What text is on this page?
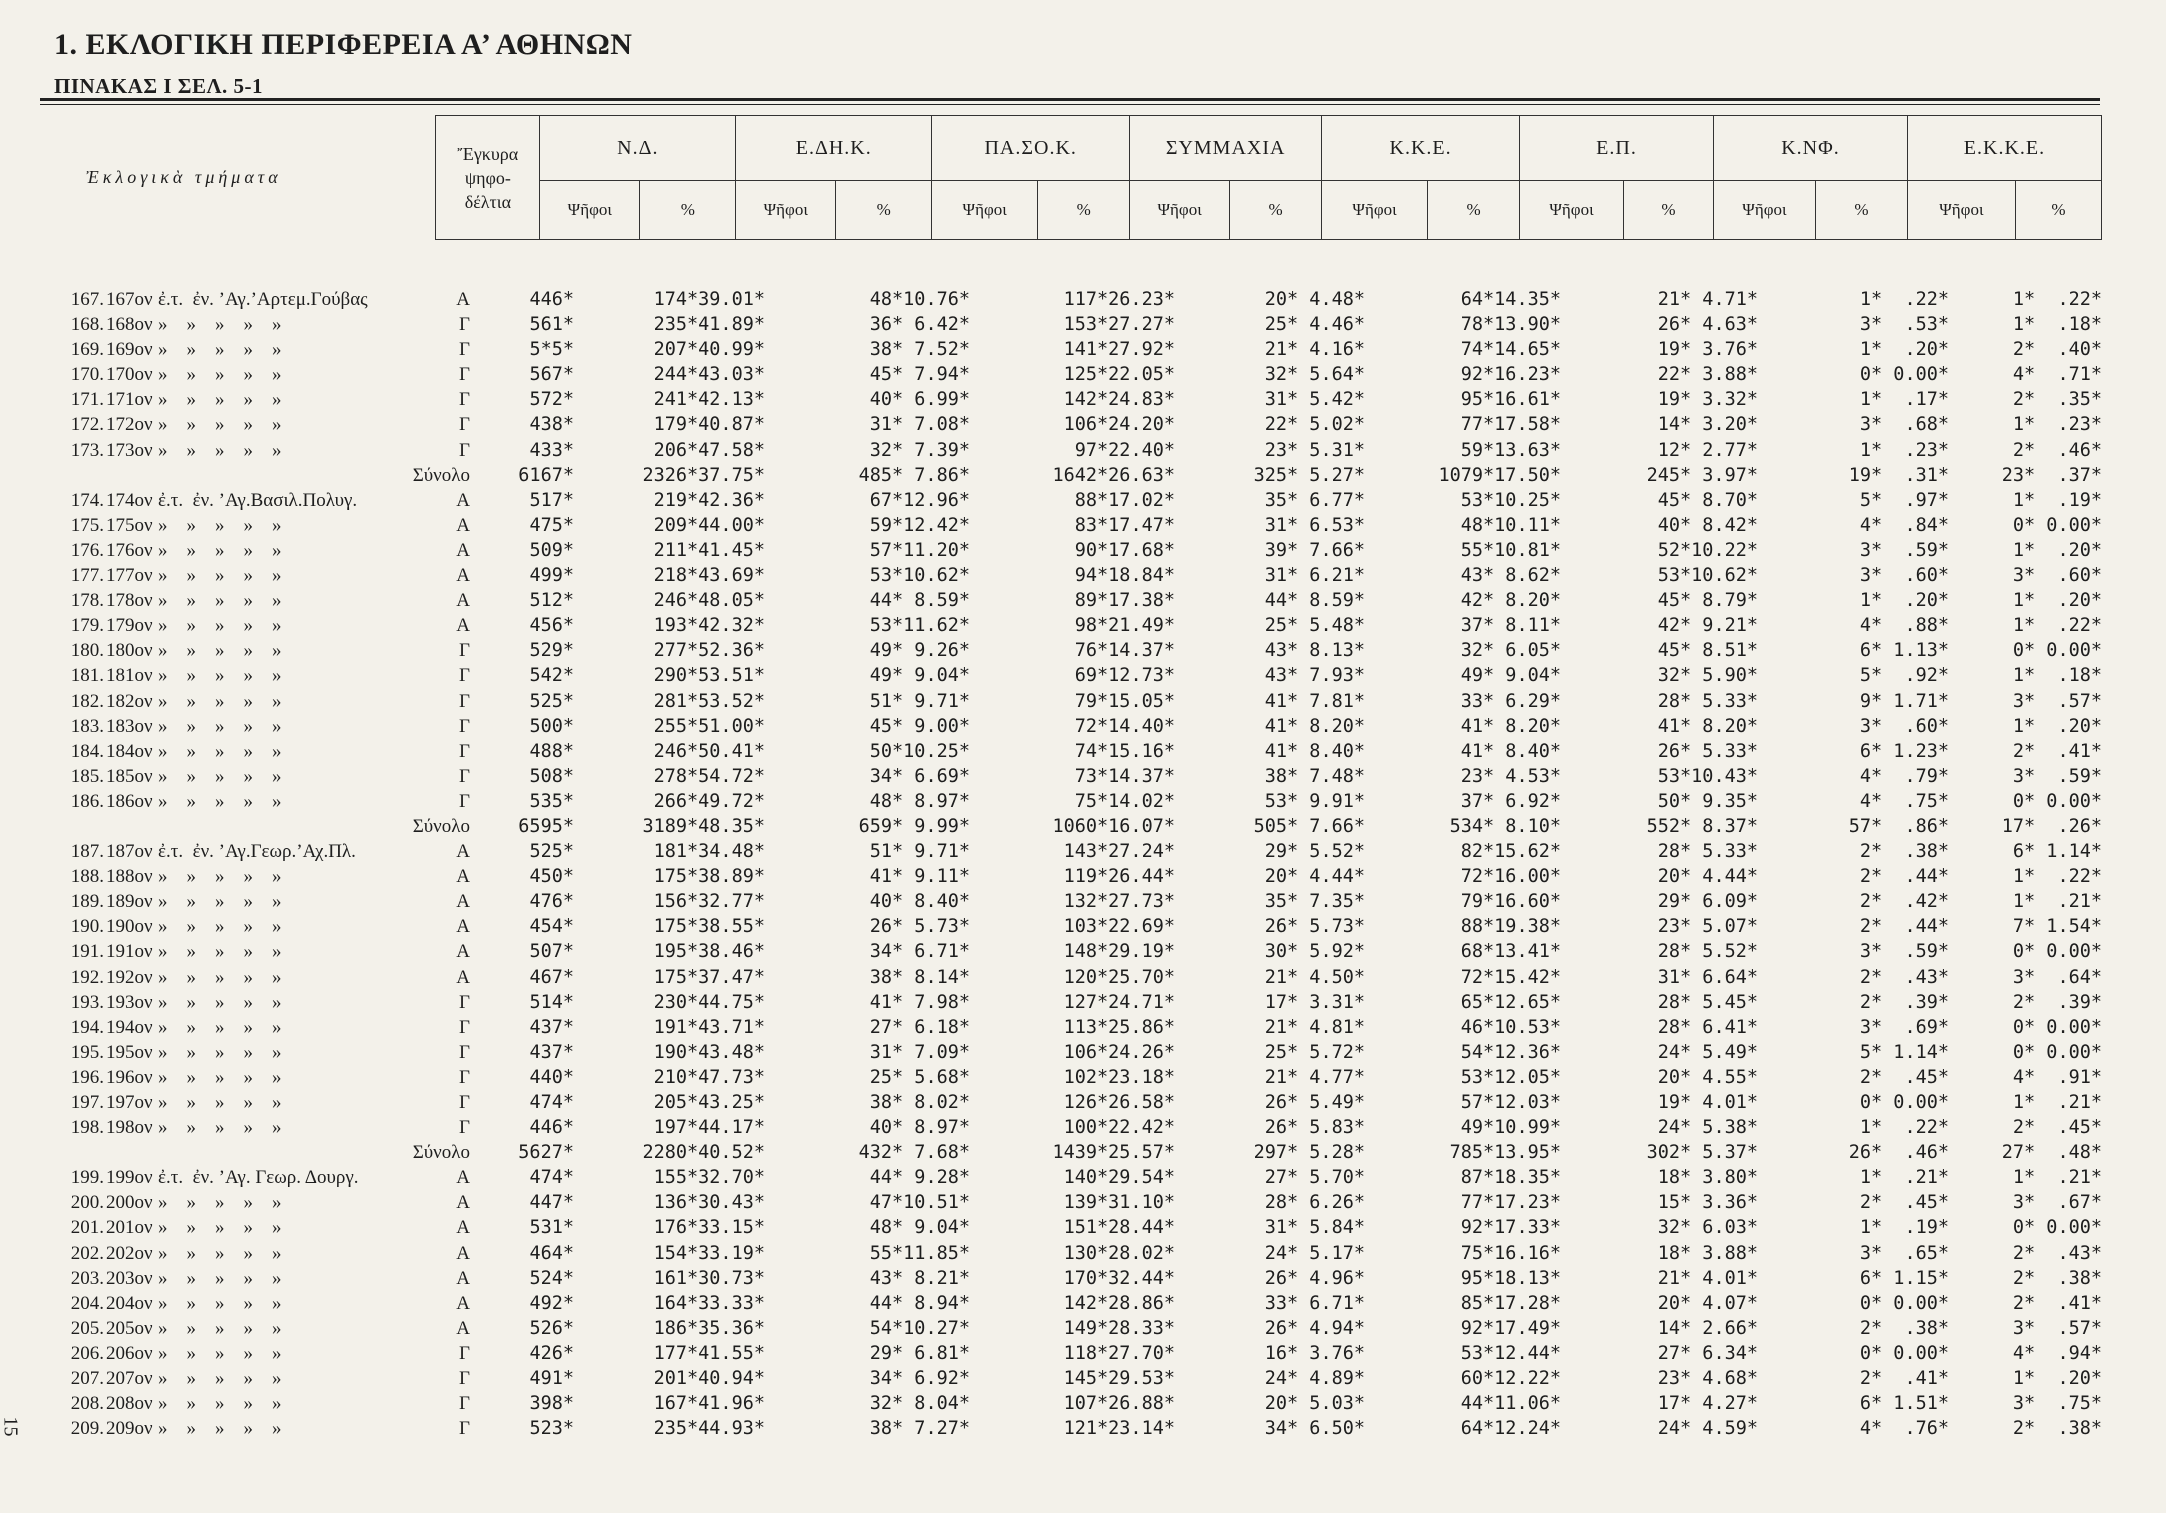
1. ΕΚΛΟΓΙΚΗ ΠΕΡΙΦΕΡΕΙΑ Α’ ΑΘΗΝΩΝ
ΠΙΝΑΚΑΣ Ι ΣΕΛ. 5-1
Ἐκλογικὰ τμήματα	Ἔγκυρα
ψηφο-
δέλτια	Ν.Δ.		Ε.ΔΗ.Κ.		ΠΑ.ΣΟ.Κ.		ΣΥΜΜΑΧΙΑ		Κ.Κ.Ε.		Ε.Π.		Κ.ΝΦ.		Ε.Κ.Κ.Ε.	
		Ψῆφοι	%	Ψῆφοι	%	Ψῆφοι	%	Ψῆφοι	%	Ψῆφοι	%	Ψῆφοι	%	Ψῆφοι	%	Ψῆφοι	%
167. 167ον ἐ.τ.  ἐν. ’Αγ.’Αρτεμ.Γούβας	Α	446*	174*39.01*	48*10.76*	117*26.23*	20* 4.48*	64*14.35*	21* 4.71*	1*  .22*	1*  .22*
168. 168ον »    »    »    »    »	Γ	561*	235*41.89*	36* 6.42*	153*27.27*	25* 4.46*	78*13.90*	26* 4.63*	3*  .53*	1*  .18*
169. 169ον »    »    »    »    »	Γ	5*5*	207*40.99*	38* 7.52*	141*27.92*	21* 4.16*	74*14.65*	19* 3.76*	1*  .20*	2*  .40*
170. 170ον »    »    »    »    »	Γ	567*	244*43.03*	45* 7.94*	125*22.05*	32* 5.64*	92*16.23*	22* 3.88*	0* 0.00*	4*  .71*
171. 171ον »    »    »    »    »	Γ	572*	241*42.13*	40* 6.99*	142*24.83*	31* 5.42*	95*16.61*	19* 3.32*	1*  .17*	2*  .35*
172. 172ον »    »    »    »    »	Γ	438*	179*40.87*	31* 7.08*	106*24.20*	22* 5.02*	77*17.58*	14* 3.20*	3*  .68*	1*  .23*
173. 173ον »    »    »    »    »	Γ	433*	206*47.58*	32* 7.39*	97*22.40*	23* 5.31*	59*13.63*	12* 2.77*	1*  .23*	2*  .46*
Σύνολο	6167*	2326*37.75*	485* 7.86*	1642*26.63*	325* 5.27*	1079*17.50*	245* 3.97*	19*  .31*	23*  .37*
174. 174ον ἐ.τ.  ἐν. ’Αγ.Βασιλ.Πολυγ.	Α	517*	219*42.36*	67*12.96*	88*17.02*	35* 6.77*	53*10.25*	45* 8.70*	5*  .97*	1*  .19*
175. 175ον »    »    »    »    »	Α	475*	209*44.00*	59*12.42*	83*17.47*	31* 6.53*	48*10.11*	40* 8.42*	4*  .84*	0* 0.00*
176. 176ον »    »    »    »    »	Α	509*	211*41.45*	57*11.20*	90*17.68*	39* 7.66*	55*10.81*	52*10.22*	3*  .59*	1*  .20*
177. 177ον »    »    »    »    »	Α	499*	218*43.69*	53*10.62*	94*18.84*	31* 6.21*	43* 8.62*	53*10.62*	3*  .60*	3*  .60*
178. 178ον »    »    »    »    »	Α	512*	246*48.05*	44* 8.59*	89*17.38*	44* 8.59*	42* 8.20*	45* 8.79*	1*  .20*	1*  .20*
179. 179ον »    »    »    »    »	Α	456*	193*42.32*	53*11.62*	98*21.49*	25* 5.48*	37* 8.11*	42* 9.21*	4*  .88*	1*  .22*
180. 180ον »    »    »    »    »	Γ	529*	277*52.36*	49* 9.26*	76*14.37*	43* 8.13*	32* 6.05*	45* 8.51*	6* 1.13*	0* 0.00*
181. 181ον »    »    »    »    »	Γ	542*	290*53.51*	49* 9.04*	69*12.73*	43* 7.93*	49* 9.04*	32* 5.90*	5*  .92*	1*  .18*
182. 182ον »    »    »    »    »	Γ	525*	281*53.52*	51* 9.71*	79*15.05*	41* 7.81*	33* 6.29*	28* 5.33*	9* 1.71*	3*  .57*
183. 183ον »    »    »    »    »	Γ	500*	255*51.00*	45* 9.00*	72*14.40*	41* 8.20*	41* 8.20*	41* 8.20*	3*  .60*	1*  .20*
184. 184ον »    »    »    »    »	Γ	488*	246*50.41*	50*10.25*	74*15.16*	41* 8.40*	41* 8.40*	26* 5.33*	6* 1.23*	2*  .41*
185. 185ον »    »    »    »    »	Γ	508*	278*54.72*	34* 6.69*	73*14.37*	38* 7.48*	23* 4.53*	53*10.43*	4*  .79*	3*  .59*
186. 186ον »    »    »    »    »	Γ	535*	266*49.72*	48* 8.97*	75*14.02*	53* 9.91*	37* 6.92*	50* 9.35*	4*  .75*	0* 0.00*
Σύνολο	6595*	3189*48.35*	659* 9.99*	1060*16.07*	505* 7.66*	534* 8.10*	552* 8.37*	57*  .86*	17*  .26*
187. 187ον ἐ.τ.  ἐν. ’Αγ.Γεωρ.’Αχ.Πλ.	Α	525*	181*34.48*	51* 9.71*	143*27.24*	29* 5.52*	82*15.62*	28* 5.33*	2*  .38*	6* 1.14*
188. 188ον »    »    »    »    »	Α	450*	175*38.89*	41* 9.11*	119*26.44*	20* 4.44*	72*16.00*	20* 4.44*	2*  .44*	1*  .22*
189. 189ον »    »    »    »    »	Α	476*	156*32.77*	40* 8.40*	132*27.73*	35* 7.35*	79*16.60*	29* 6.09*	2*  .42*	1*  .21*
190. 190ον »    »    »    »    »	Α	454*	175*38.55*	26* 5.73*	103*22.69*	26* 5.73*	88*19.38*	23* 5.07*	2*  .44*	7* 1.54*
191. 191ον »    »    »    »    »	Α	507*	195*38.46*	34* 6.71*	148*29.19*	30* 5.92*	68*13.41*	28* 5.52*	3*  .59*	0* 0.00*
192. 192ον »    »    »    »    »	Α	467*	175*37.47*	38* 8.14*	120*25.70*	21* 4.50*	72*15.42*	31* 6.64*	2*  .43*	3*  .64*
193. 193ον »    »    »    »    »	Γ	514*	230*44.75*	41* 7.98*	127*24.71*	17* 3.31*	65*12.65*	28* 5.45*	2*  .39*	2*  .39*
194. 194ον »    »    »    »    »	Γ	437*	191*43.71*	27* 6.18*	113*25.86*	21* 4.81*	46*10.53*	28* 6.41*	3*  .69*	0* 0.00*
195. 195ον »    »    »    »    »	Γ	437*	190*43.48*	31* 7.09*	106*24.26*	25* 5.72*	54*12.36*	24* 5.49*	5* 1.14*	0* 0.00*
196. 196ον »    »    »    »    »	Γ	440*	210*47.73*	25* 5.68*	102*23.18*	21* 4.77*	53*12.05*	20* 4.55*	2*  .45*	4*  .91*
197. 197ον »    »    »    »    »	Γ	474*	205*43.25*	38* 8.02*	126*26.58*	26* 5.49*	57*12.03*	19* 4.01*	0* 0.00*	1*  .21*
198. 198ον »    »    »    »    »	Γ	446*	197*44.17*	40* 8.97*	100*22.42*	26* 5.83*	49*10.99*	24* 5.38*	1*  .22*	2*  .45*
Σύνολο	5627*	2280*40.52*	432* 7.68*	1439*25.57*	297* 5.28*	785*13.95*	302* 5.37*	26*  .46*	27*  .48*
199. 199ον ἐ.τ.  ἐν. ’Αγ. Γεωρ. Δουργ.	Α	474*	155*32.70*	44* 9.28*	140*29.54*	27* 5.70*	87*18.35*	18* 3.80*	1*  .21*	1*  .21*
200. 200ον »    »    »    »    »	Α	447*	136*30.43*	47*10.51*	139*31.10*	28* 6.26*	77*17.23*	15* 3.36*	2*  .45*	3*  .67*
201. 201ον »    »    »    »    »	Α	531*	176*33.15*	48* 9.04*	151*28.44*	31* 5.84*	92*17.33*	32* 6.03*	1*  .19*	0* 0.00*
202. 202ον »    »    »    »    »	Α	464*	154*33.19*	55*11.85*	130*28.02*	24* 5.17*	75*16.16*	18* 3.88*	3*  .65*	2*  .43*
203. 203ον »    »    »    »    »	Α	524*	161*30.73*	43* 8.21*	170*32.44*	26* 4.96*	95*18.13*	21* 4.01*	6* 1.15*	2*  .38*
204. 204ον »    »    »    »    »	Α	492*	164*33.33*	44* 8.94*	142*28.86*	33* 6.71*	85*17.28*	20* 4.07*	0* 0.00*	2*  .41*
205. 205ον »    »    »    »    »	Α	526*	186*35.36*	54*10.27*	149*28.33*	26* 4.94*	92*17.49*	14* 2.66*	2*  .38*	3*  .57*
206. 206ον »    »    »    »    »	Γ	426*	177*41.55*	29* 6.81*	118*27.70*	16* 3.76*	53*12.44*	27* 6.34*	0* 0.00*	4*  .94*
207. 207ον »    »    »    »    »	Γ	491*	201*40.94*	34* 6.92*	145*29.53*	24* 4.89*	60*12.22*	23* 4.68*	2*  .41*	1*  .20*
208. 208ον »    »    »    »    »	Γ	398*	167*41.96*	32* 8.04*	107*26.88*	20* 5.03*	44*11.06*	17* 4.27*	6* 1.51*	3*  .75*
209. 209ον »    »    »    »    »	Γ	523*	235*44.93*	38* 7.27*	121*23.14*	34* 6.50*	64*12.24*	24* 4.59*	4*  .76*	2*  .38*
15
